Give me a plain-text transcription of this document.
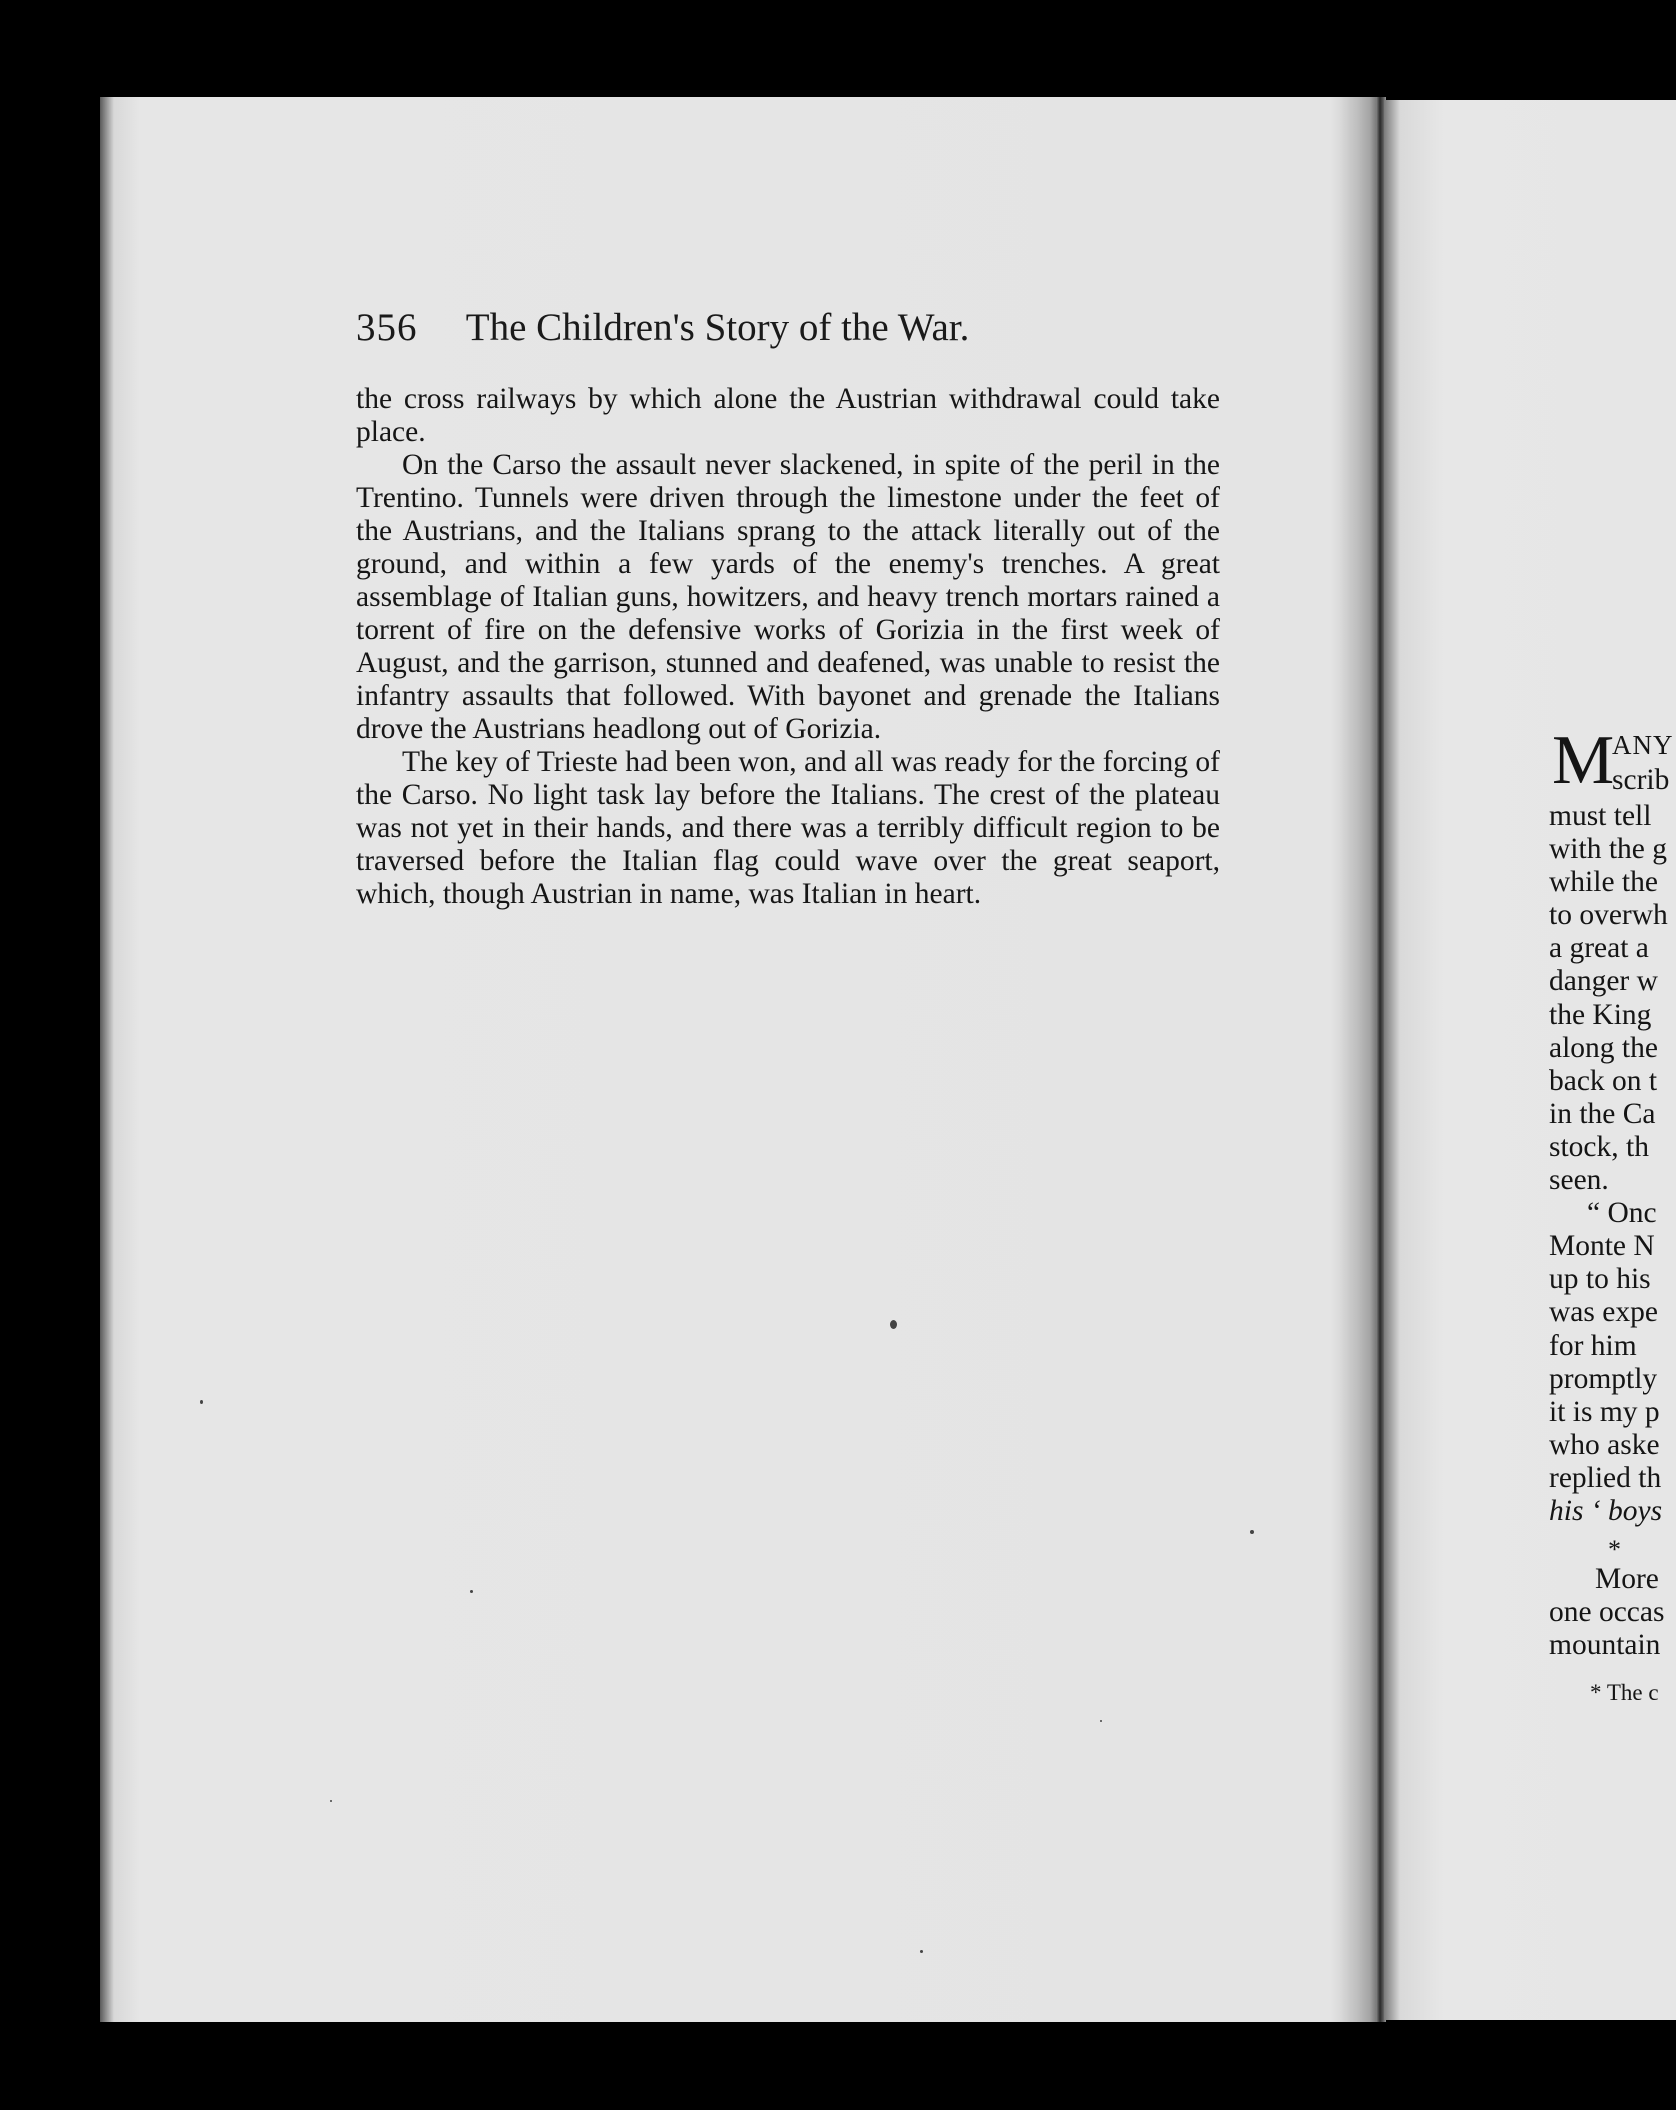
356 The Children's Story of the War.

the cross railways by which alone the Austrian withdrawal could take place.

On the Carso the assault never slackened, in spite of the peril in the Trentino. Tunnels were driven through the limestone under the feet of the Austrians, and the Italians sprang to the attack literally out of the ground, and within a few yards of the enemy's trenches. A great assemblage of Italian guns, howitzers, and heavy trench mortars rained a torrent of fire on the defensive works of Gorizia in the first week of August, and the garrison, stunned and deafened, was unable to resist the infantry assaults that followed. With bayonet and grenade the Italians drove the Austrians headlong out of Gorizia.

The key of Trieste had been won, and all was ready for the forcing of the Carso. No light task lay before the Italians. The crest of the plateau was not yet in their hands, and there was a terribly difficult region to be traversed before the Italian flag could wave over the great seaport, which, though Austrian in name, was Italian in heart.

M
ANY
scrib
must tell
with the g
while the
to overwh
a great a
danger w
the King
along the
back on t
in the Ca
stock, th
seen.
“ Onc
Monte N
up to his
was expe
for him
promptly
it is my p
who aske
replied th
his ‘ boys
*
More
one occas
mountain
* The c
